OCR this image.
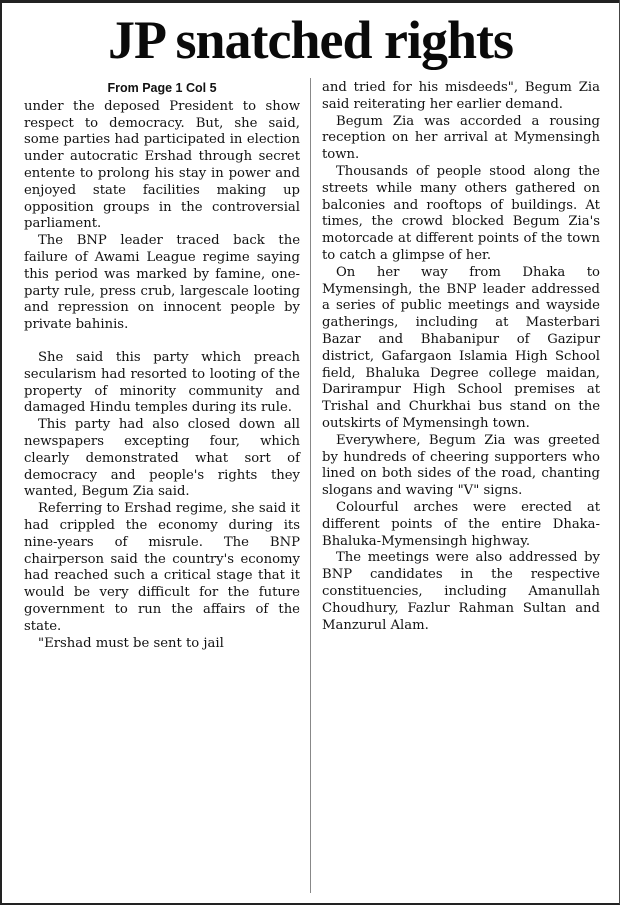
JP snatched rights
From Page 1 Col 5

under the deposed President to show respect to democracy. But, she said, some parties had participated in election under autocratic Ershad through secret entente to prolong his stay in power and enjoyed state facilities making up opposition groups in the controversial parliament.

The BNP leader traced back the failure of Awami League regime saying this period was marked by famine, one-party rule, press crub, largescale looting and repression on innocent people by private bahinis.

She said this party which preach secularism had resorted to looting of the property of minority community and damaged Hindu temples during its rule.

This party had also closed down all newspapers excepting four, which clearly demonstrated what sort of democracy and people's rights they wanted, Begum Zia said.

Referring to Ershad regime, she said it had crippled the economy during its nine-years of misrule. The BNP chairperson said the country's economy had reached such a critical stage that it would be very difficult for the future government to run the affairs of the state.

"Ershad must be sent to jail

and tried for his misdeeds", Begum Zia said reiterating her earlier demand.

Begum Zia was accorded a rousing reception on her arrival at Mymensingh town.

Thousands of people stood along the streets while many others gathered on balconies and rooftops of buildings. At times, the crowd blocked Begum Zia's motorcade at different points of the town to catch a glimpse of her.

On her way from Dhaka to Mymensingh, the BNP leader addressed a series of public meetings and wayside gatherings, including at Masterbari Bazar and Bhabanipur of Gazipur district, Gafargaon Islamia High School field, Bhaluka Degree college maidan, Darirampur High School premises at Trishal and Churkhai bus stand on the outskirts of Mymensingh town.

Everywhere, Begum Zia was greeted by hundreds of cheering supporters who lined on both sides of the road, chanting slogans and waving "V" signs.

Colourful arches were erected at different points of the entire Dhaka-Bhaluka-Mymensingh highway.

The meetings were also addressed by BNP candidates in the respective constituencies, including Amanullah Choudhury, Fazlur Rahman Sultan and Manzurul Alam.
